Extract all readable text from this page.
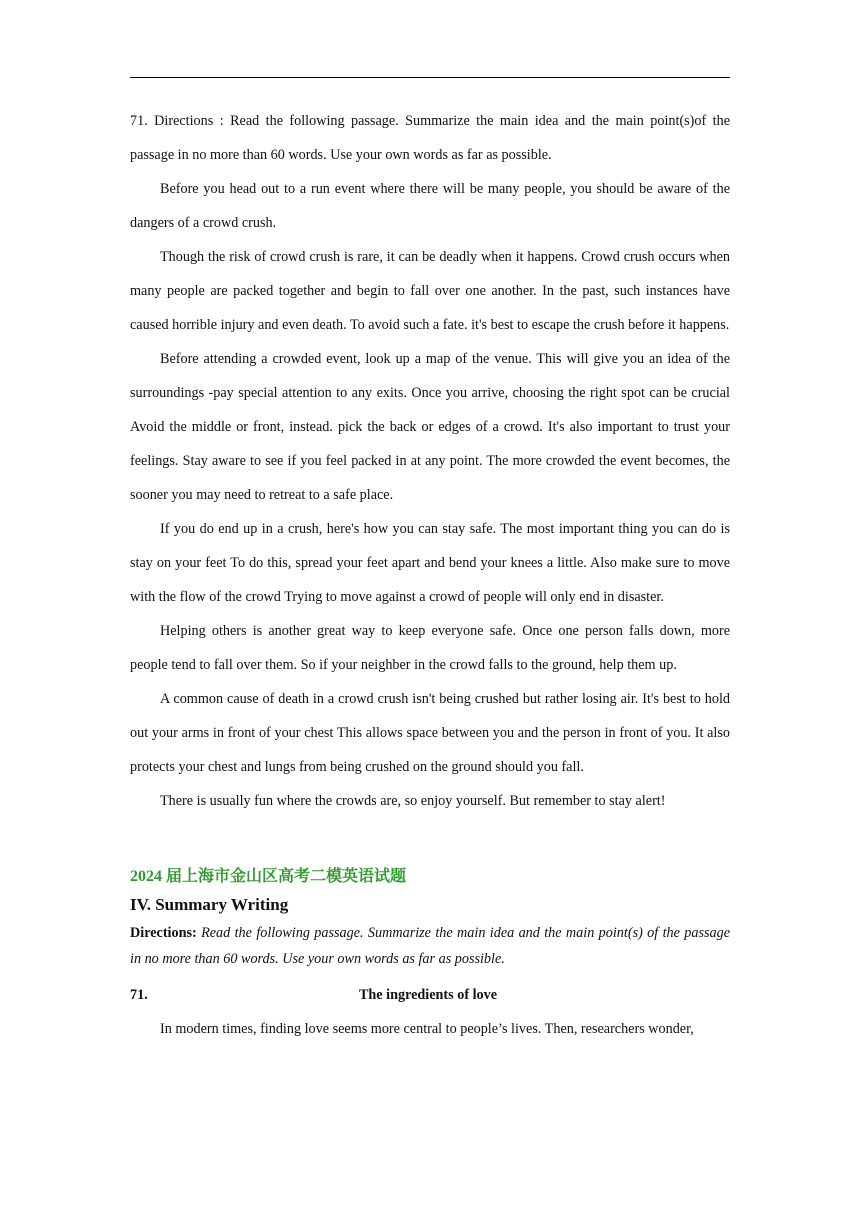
71. Directions : Read the following passage. Summarize the main idea and the main point(s)of the passage in no more than 60 words. Use your own words as far as possible.

Before you head out to a run event where there will be many people, you should be aware of the dangers of a crowd crush.

Though the risk of crowd crush is rare, it can be deadly when it happens. Crowd crush occurs when many people are packed together and begin to fall over one another. In the past, such instances have caused horrible injury and even death. To avoid such a fate. it's best to escape the crush before it happens.

Before attending a crowded event, look up a map of the venue. This will give you an idea of the surroundings -pay special attention to any exits. Once you arrive, choosing the right spot can be crucial Avoid the middle or front, instead. pick the back or edges of a crowd. It's also important to trust your feelings. Stay aware to see if you feel packed in at any point. The more crowded the event becomes, the sooner you may need to retreat to a safe place.

If you do end up in a crush, here's how you can stay safe. The most important thing you can do is stay on your feet To do this, spread your feet apart and bend your knees a little. Also make sure to move with the flow of the crowd Trying to move against a crowd of people will only end in disaster.

Helping others is another great way to keep everyone safe. Once one person falls down, more people tend to fall over them. So if your neighber in the crowd falls to the ground, help them up.

A common cause of death in a crowd crush isn't being crushed but rather losing air. It's best to hold out your arms in front of your chest This allows space between you and the person in front of you. It also protects your chest and lungs from being crushed on the ground should you fall.

There is usually fun where the crowds are, so enjoy yourself. But remember to stay alert!

2024 届上海市金山区高考二模英语试题
IV. Summary Writing

Directions: Read the following passage. Summarize the main idea and the main point(s) of the passage in no more than 60 words. Use your own words as far as possible.

71.	The ingredients of love

In modern times, finding love seems more central to people’s lives. Then, researchers wonder,
